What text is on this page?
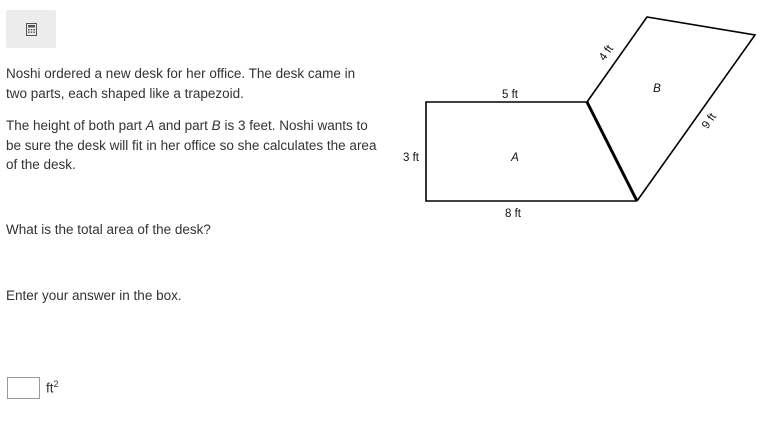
Noshi ordered a new desk for her office. The desk came in two parts, each shaped like a trapezoid.

The height of both part A and part B is 3 feet. Noshi wants to be sure the desk will fit in her office so she calculates the area of the desk.

What is the total area of the desk?

Enter your answer in the box.

$ft^2$
5 ft
8 ft
3 ft	A
B
4 ft
9 ft
